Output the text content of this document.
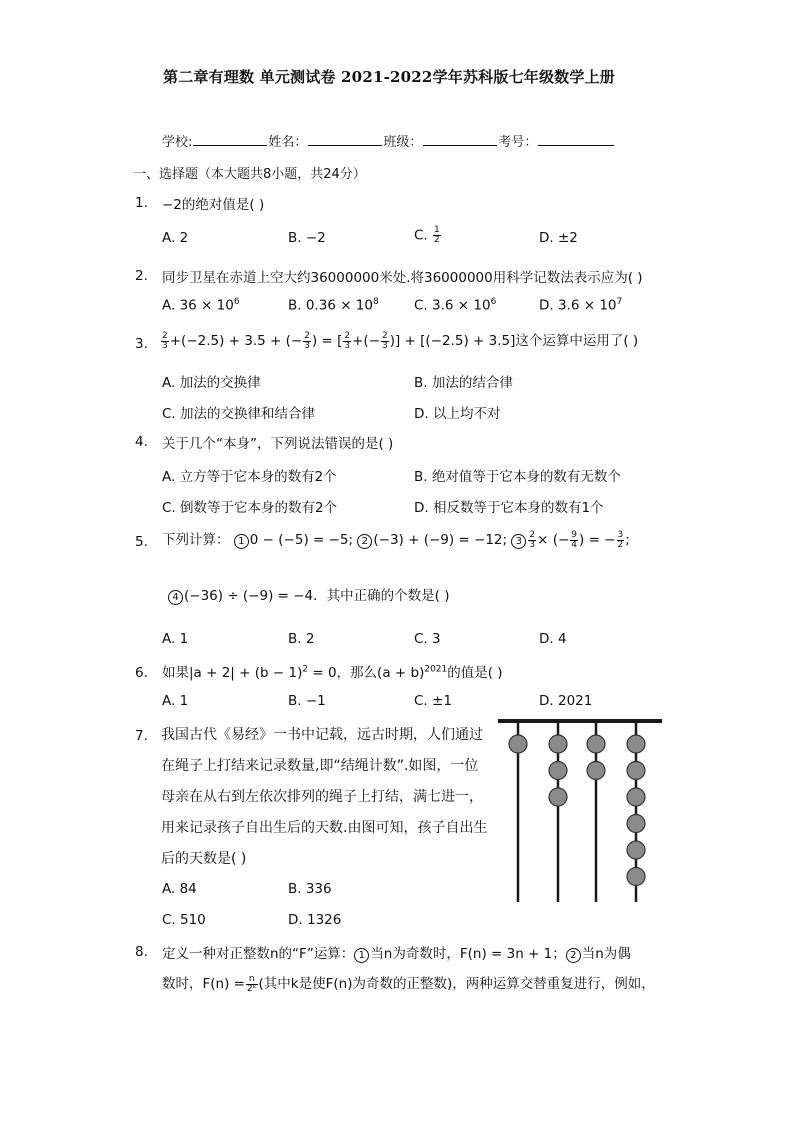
第二章有理数 单元测试卷 2021-2022学年苏科版七年级数学上册
学校:	姓名：	班级：	考号：
一、选择题（本大题共8小题，共24分）
1. −2的绝对值是( )
A. 2	B. −2	C. $\frac{1}{2}$	D. ±2
2. 同步卫星在赤道上空大约36000000米处.将36000000用科学记数法表示应为( )
A. $36 \times 10^6$	B. $0.36 \times 10^8$	C. $3.6 \times 10^6$	D. $3.6 \times 10^7$
3. $\frac{2}{3} +(-2.5) + 3.5$ + (− $\frac{2}{3}$ ) = [ $\frac{2}{3}$ +(− $\frac{2}{3}$ )] + [(−2.5) + 3.5]这个运算中运用了( )
A. 加法的交换律	B. 加法的结合律
C. 加法的交换律和结合律	D. 以上均不对
4. 关于几个“本身”，下列说法错误的是( )
A. 立方等于它本身的数有2个	B. 绝对值等于它本身的数有无数个
C. 倒数等于它本身的数有2个	D. 相反数等于它本身的数有1个
5. 下列计算： 1 0 − (−5) = −5; 2 (−3) + (−9) = −12; $3 \frac{2}{3}$ × (− $\frac{9}{4}$ ) = − $\frac{3}{2}$ ;
4 (−36) ÷ (−9) = −4．其中正确的个数是( )
A. 1	B. 2	C. 3	D. 4
6. 如果$|a + 2| + (b - 1)^2 = 0$，那么$(a + b)^{2021}$的值是( )
A. 1	B. −1	C. ±1	D. 2021
7. 我国古代《易经》一书中记载，远古时期，人们通过
在绳子上打结来记录数量,即“结绳计数”.如图，一位
母亲在从右到左依次排列的绳子上打结，满七进一，
用来记录孩子自出生后的天数.由图可知，孩子自出生
后的天数是( )
A. 84	B. 336
C. 510	D. 1326
8. 定义一种对正整数n的“F”运算： 1 当n为奇数时，F(n) = 3n + 1； 2 当n为偶
数时，$F(n) = \frac{n}{\text{2ᵏ}}$ (其中k是使F(n)为奇数的正整数)，两种运算交替重复进行，例如，
